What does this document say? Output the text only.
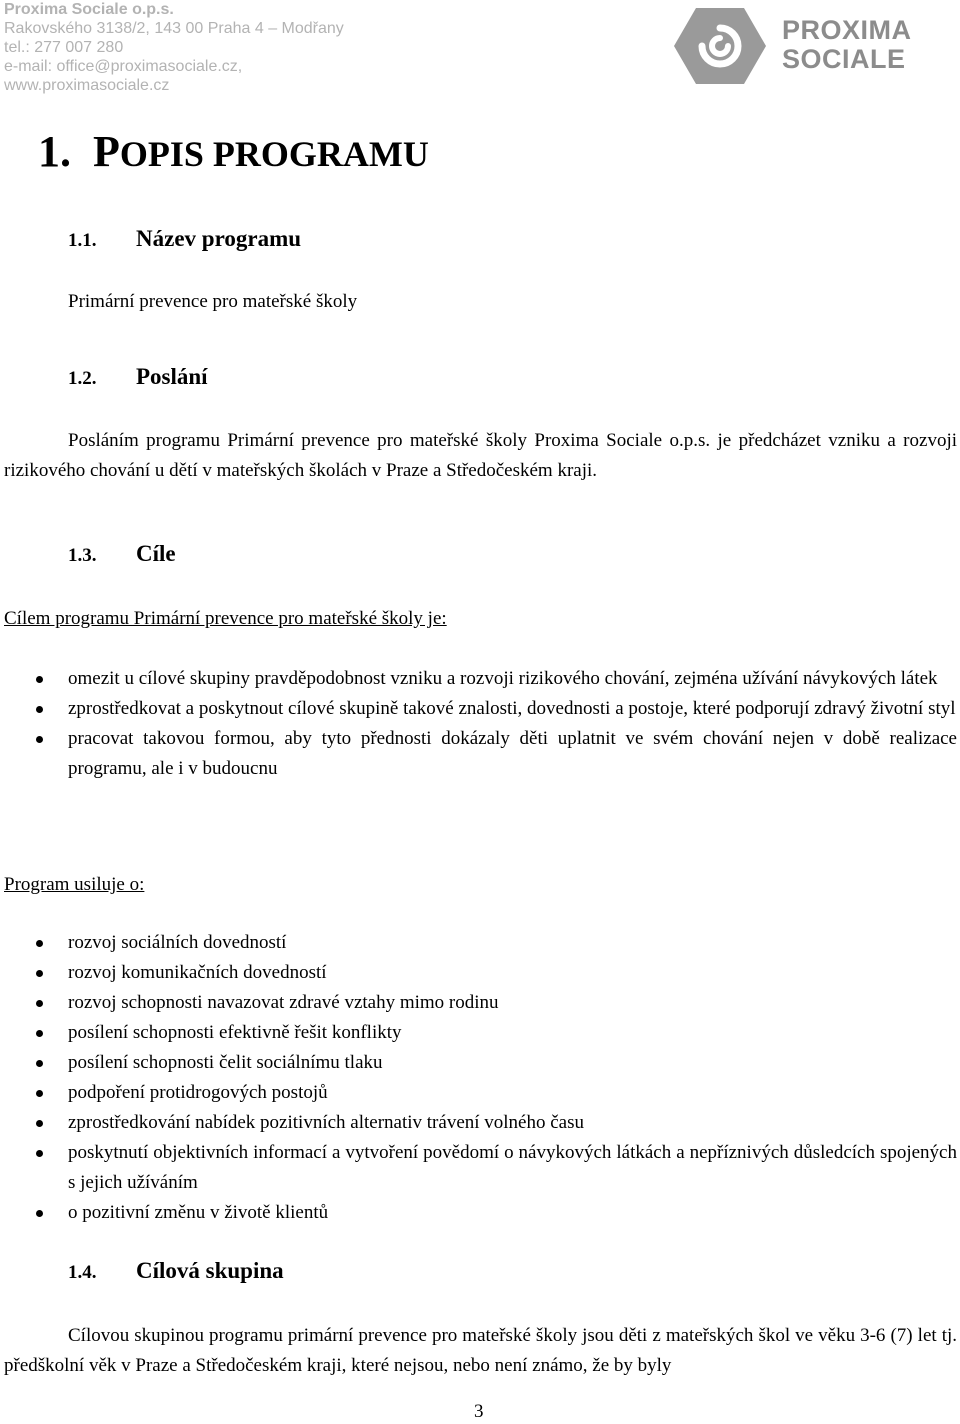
Proxima Sociale o.p.s.
Rakovského 3138/2, 143 00 Praha 4 – Modřany
tel.: 277 007 280
e-mail: office@proximasociale.cz,
www.proximasociale.cz
PROXIMA
SOCIALE
1. POPIS PROGRAMU
1.1. Název programu
Primární prevence pro mateřské školy
1.2. Poslání
Posláním programu Primární prevence pro mateřské školy Proxima Sociale o.p.s. je předcházet vzniku a rozvoji rizikového chování u dětí v mateřských školách v Praze a Středočeském kraji.
1.3. Cíle
Cílem programu Primární prevence pro mateřské školy je:
omezit u cílové skupiny pravděpodobnost vzniku a rozvoji rizikového chování, zejména užívání návykových látek
zprostředkovat a poskytnout cílové skupině takové znalosti, dovednosti a postoje, které podporují zdravý životní styl
pracovat takovou formou, aby tyto přednosti dokázaly děti uplatnit ve svém chování nejen v době realizace programu, ale i v budoucnu
Program usiluje o:
rozvoj sociálních dovedností
rozvoj komunikačních dovedností
rozvoj schopnosti navazovat zdravé vztahy mimo rodinu
posílení schopnosti efektivně řešit konflikty
posílení schopnosti čelit sociálnímu tlaku
podpoření protidrogových postojů
zprostředkování nabídek pozitivních alternativ trávení volného času
poskytnutí objektivních informací a vytvoření povědomí o návykových látkách a nepříznivých důsledcích spojených s jejich užíváním
o pozitivní změnu v životě klientů
1.4. Cílová skupina
Cílovou skupinou programu primární prevence pro mateřské školy jsou děti z mateřských škol ve věku 3-6 (7) let tj. předškolní věk v Praze a Středočeském kraji, které nejsou, nebo není známo, že by byly
3
